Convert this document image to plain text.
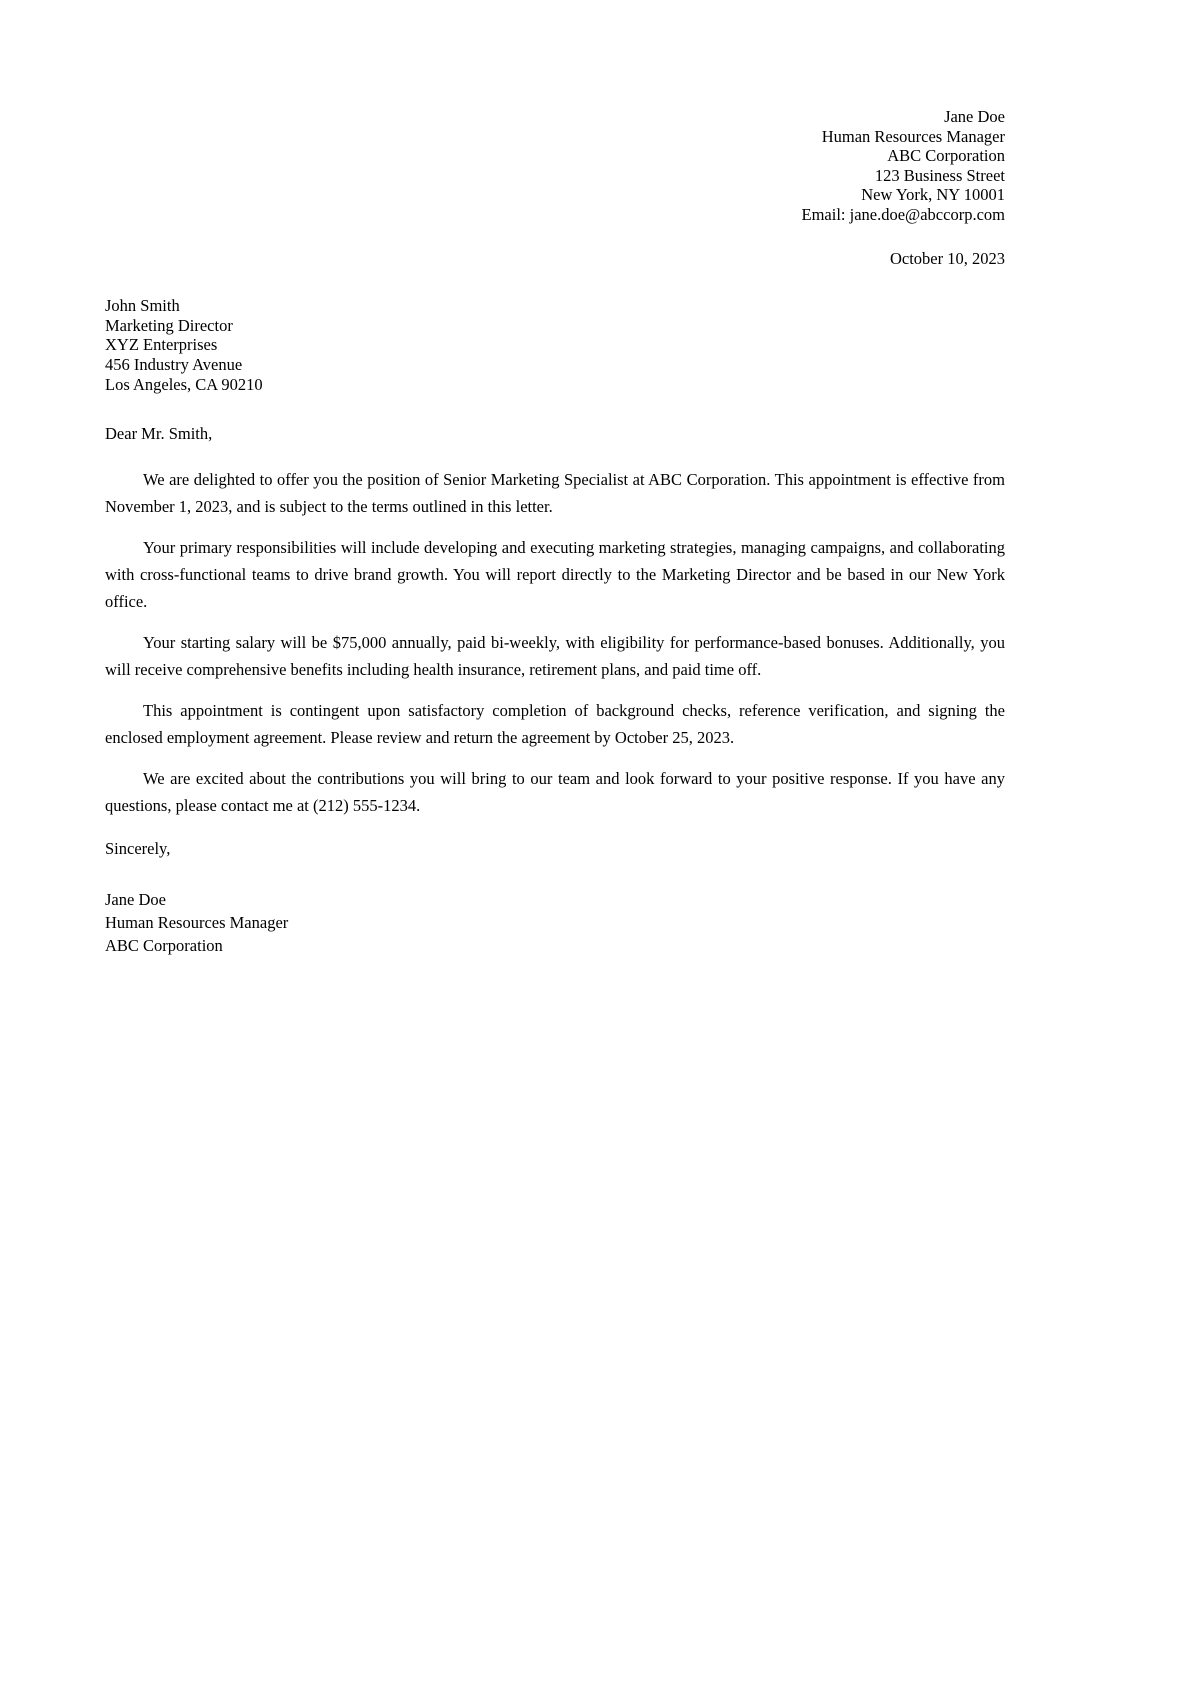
Jane Doe
Human Resources Manager
ABC Corporation
123 Business Street
New York, NY 10001
Email: jane.doe@abccorp.com
October 10, 2023
John Smith
Marketing Director
XYZ Enterprises
456 Industry Avenue
Los Angeles, CA 90210
Dear Mr. Smith,

We are delighted to offer you the position of Senior Marketing Specialist at ABC Corporation. This appointment is effective from November 1, 2023, and is subject to the terms outlined in this letter.

Your primary responsibilities will include developing and executing marketing strategies, managing campaigns, and collaborating with cross-functional teams to drive brand growth. You will report directly to the Marketing Director and be based in our New York office.

Your starting salary will be $75,000 annually, paid bi-weekly, with eligibility for performance-based bonuses. Additionally, you will receive comprehensive benefits including health insurance, retirement plans, and paid time off.

This appointment is contingent upon satisfactory completion of background checks, reference verification, and signing the enclosed employment agreement. Please review and return the agreement by October 25, 2023.

We are excited about the contributions you will bring to our team and look forward to your positive response. If you have any questions, please contact me at (212) 555-1234.

Sincerely,
Jane Doe
Human Resources Manager
ABC Corporation
